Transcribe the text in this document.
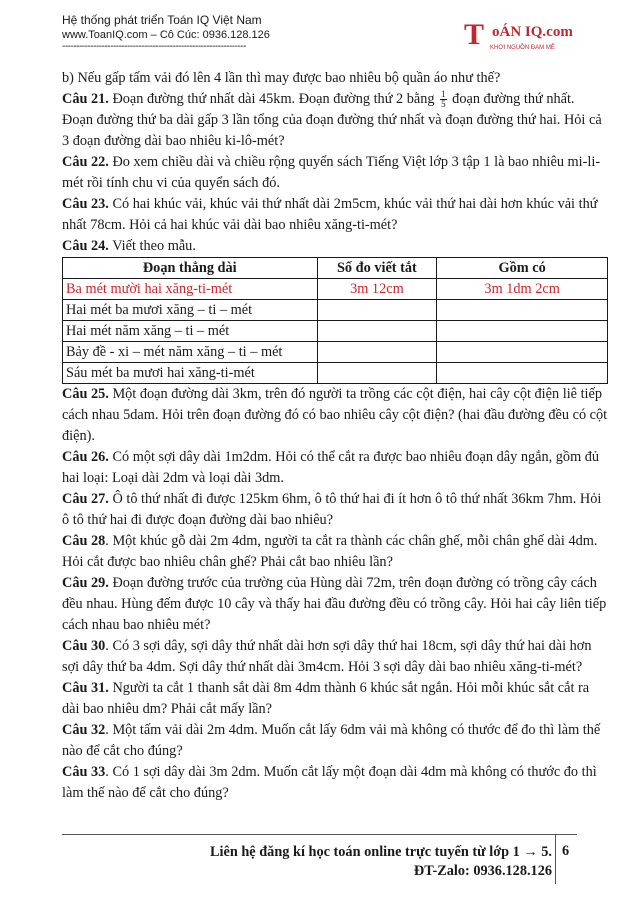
Hệ thống phát triển Toán IQ Việt Nam
www.ToanIQ.com – Cô Cúc: 0936.128.126
-----------------------------------------------------------------	T oÁN IQ.com
KHƠI NGUỒN ĐAM MÊ

b) Nếu gấp tấm vải đó lên 4 lần thì may được bao nhiêu bộ quần áo như thế?

Câu 21. Đoạn đường thứ nhất dài 45km. Đoạn đường thứ 2 bằng $\frac{1}{5}$ đoạn đường thứ nhất. Đoạn đường thứ ba dài gấp 3 lần tổng của đoạn đường thứ nhất và đoạn đường thứ hai. Hỏi cả 3 đoạn đường dài bao nhiêu ki-lô-mét?

Câu 22. Đo xem chiều dài và chiều rộng quyển sách Tiếng Việt lớp 3 tập 1 là bao nhiêu mi-li-mét rồi tính chu vi của quyển sách đó.

Câu 23. Có hai khúc vải, khúc vải thứ nhất dài 2m5cm, khúc vải thứ hai dài hơn khúc vải thứ nhất 78cm. Hỏi cả hai khúc vải dài bao nhiêu xăng-ti-mét?

Câu 24. Viết theo mẫu.

Đoạn thẳng dài	Số đo viết tắt	Gồm có
Ba mét mười hai xăng-ti-mét	3m 12cm	3m 1dm 2cm
Hai mét ba mươi xăng – ti – mét		
Hai mét năm xăng – ti – mét		
Bảy đề - xi – mét năm xăng – ti – mét		
Sáu mét ba mươi hai xăng-ti-mét		

Câu 25. Một đoạn đường dài 3km, trên đó người ta trồng các cột điện, hai cây cột điện liê tiếp cách nhau 5dam. Hỏi trên đoạn đường đó có bao nhiêu cây cột điện? (hai đầu đường đều có cột điện).

Câu 26. Có một sợi dây dài 1m2dm. Hỏi có thể cắt ra được bao nhiêu đoạn dây ngắn, gồm đủ hai loại: Loại dài 2dm và loại dài 3dm.

Câu 27. Ô tô thứ nhất đi được 125km 6hm, ô tô thứ hai đi ít hơn ô tô thứ nhất 36km 7hm. Hỏi ô tô thứ hai đi được đoạn đường dài bao nhiêu?

Câu 28. Một khúc gỗ dài 2m 4dm, người ta cắt ra thành các chân ghế, mỗi chân ghế dài 4dm. Hỏi cắt được bao nhiêu chân ghế? Phải cắt bao nhiêu lần?

Câu 29. Đoạn đường trước của trường của Hùng dài 72m, trên đoạn đường có trồng cây cách đều nhau. Hùng đếm được 10 cây và thấy hai đầu đường đều có trồng cây. Hỏi hai cây liên tiếp cách nhau bao nhiêu mét?

Câu 30. Có 3 sợi dây, sợi dây thứ nhất dài hơn sợi dây thứ hai 18cm, sợi dây thứ hai dài hơn sợi dây thứ ba 4dm. Sợi dây thứ nhất dài 3m4cm. Hỏi 3 sợi dây dài bao nhiêu xăng-ti-mét?

Câu 31. Người ta cắt 1 thanh sắt dài 8m 4dm thành 6 khúc sắt ngắn. Hỏi mỗi khúc sắt cắt ra dài bao nhiêu dm? Phải cắt mấy lần?

Câu 32. Một tấm vải dài 2m 4dm. Muốn cắt lấy 6dm vải mà không có thước để đo thì làm thế nào để cắt cho đúng?

Câu 33. Có 1 sợi dây dài 3m 2dm. Muốn cắt lấy một đoạn dài 4dm mà không có thước đo thì làm thế nào để cắt cho đúng?

Liên hệ đăng kí học toán online trực tuyến từ lớp 1 → 5.
ĐT-Zalo: 0936.128.126
6
